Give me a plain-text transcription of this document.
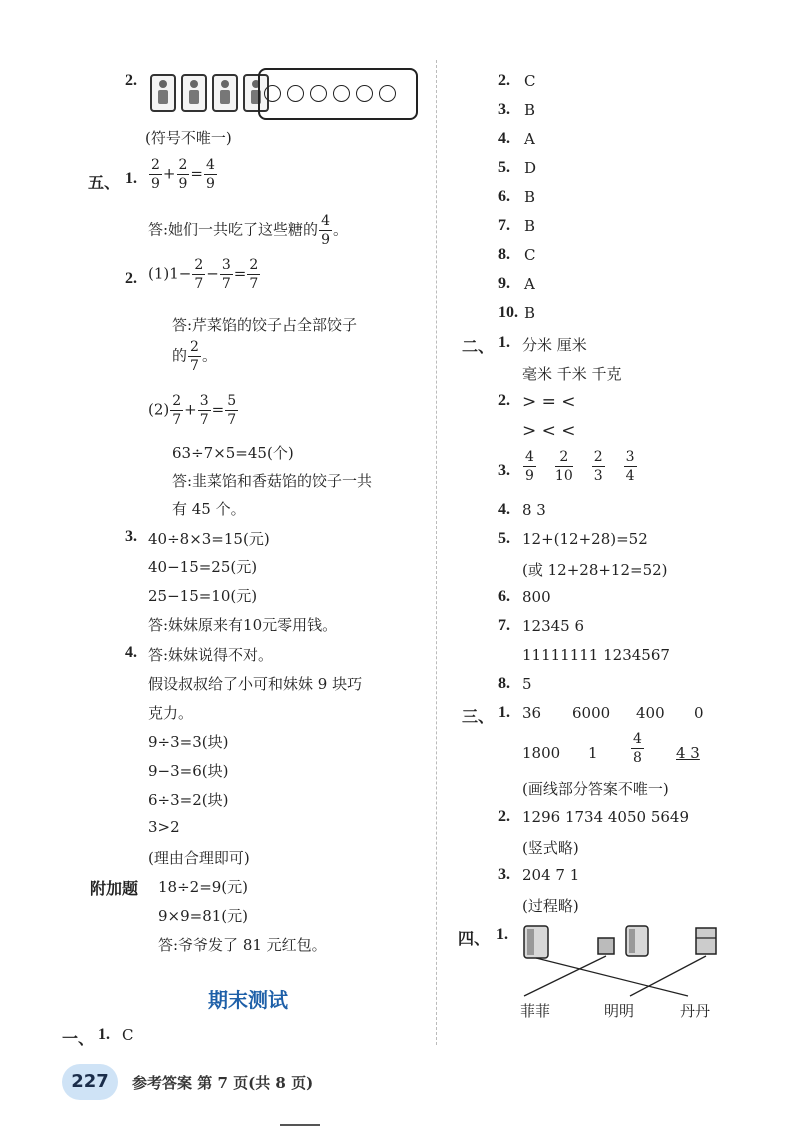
2.
(符号不唯一)
五、 1. $\frac{2}{9} + \frac{2}{9} = \frac{4}{9}$
答:她们一共吃了这些糖的 $\frac{4}{9}$ 。
2. $(1)1- \frac{2}{7} - \frac{3}{7} = \frac{2}{7}$
答:芹菜馅的饺子占全部饺子
的 $\frac{2}{7}$ 。
$(2) \frac{2}{7} + \frac{3}{7} = \frac{5}{7}$
63÷7×5=45(个)
答:韭菜馅和香菇馅的饺子一共
有 45 个。
3. 40÷8×3=15(元)
40−15=25(元)
25−15=10(元)
答:妹妹原来有10元零用钱。
4. 答:妹妹说得不对。
假设叔叔给了小可和妹妹 9 块巧
克力。
9÷3=3(块)
9−3=6(块)
6÷3=2(块)
3>2
(理由合理即可)
附加题 18÷2=9(元)
9×9=81(元)
答:爷爷发了 81 元红包。
期末测试
一、 1. C
2. C
3. B
4. A
5. D
6. B
7. B
8. C
9. A
10. B
二、 1. 分米 厘米
毫米 千米 千克
2. > = <
> < <
3. $\frac{4}{9} \frac{2}{10} \frac{2}{3} \frac{3}{4}$
4. 8 3
5. 12+(12+28)=52
(或 12+28+12=52)
6. 800
7. 12345 6
11111111 1234567
8. 5
三、 1. 36 6000 400 0
1800 $1 \frac{4}{8} 4$ 3
(画线部分答案不唯一)
2. 1296 1734 4050 5649
(竖式略)
3. 204 7 1
(过程略)
四、 1.
菲菲	明明	丹丹
227	参考答案 第 7 页(共 8 页)
